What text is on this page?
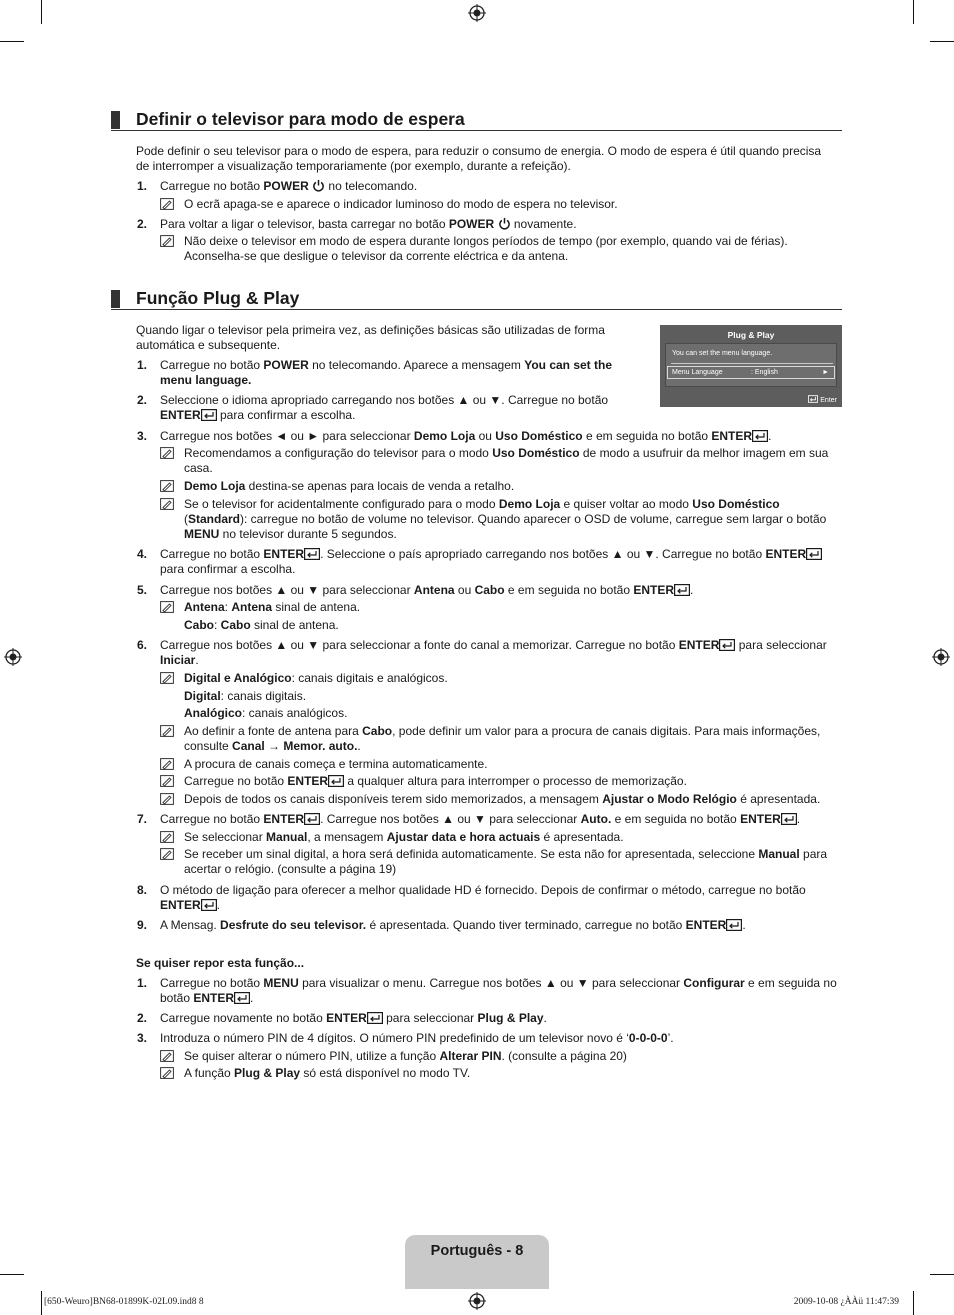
Definir o televisor para modo de espera
Pode definir o seu televisor para o modo de espera, para reduzir o consumo de energia. O modo de espera é útil quando precisa de interromper a visualização temporariamente (por exemplo, durante a refeição).
1. Carregue no botão POWER  no telecomando.
O ecrã apaga-se e aparece o indicador luminoso do modo de espera no televisor.
2. Para voltar a ligar o televisor, basta carregar no botão POWER  novamente.
Não deixe o televisor em modo de espera durante longos períodos de tempo (por exemplo, quando vai de férias). Aconselha-se que desligue o televisor da corrente eléctrica e da antena.
Função Plug & Play
Quando ligar o televisor pela primeira vez, as definições básicas são utilizadas de forma automática e subsequente.
Plug & Play
You can set the menu language.
Menu Language	: English	►
Enter
1. Carregue no botão POWER no telecomando. Aparece a mensagem You can set the menu language.
2. Seleccione o idioma apropriado carregando nos botões ▲ ou ▼. Carregue no botão ENTER para confirmar a escolha.
3. Carregue nos botões ◄ ou ► para seleccionar Demo Loja ou Uso Doméstico e em seguida no botão ENTER .
Recomendamos a configuração do televisor para o modo Uso Doméstico de modo a usufruir da melhor imagem em sua casa.
Demo Loja destina-se apenas para locais de venda a retalho.
Se o televisor for acidentalmente configurado para o modo Demo Loja e quiser voltar ao modo Uso Doméstico (Standard): carregue no botão de volume no televisor. Quando aparecer o OSD de volume, carregue sem largar o botão MENU no televisor durante 5 segundos.
4. Carregue no botão ENTER . Seleccione o país apropriado carregando nos botões ▲ ou ▼. Carregue no botão ENTER para confirmar a escolha.
5. Carregue nos botões ▲ ou ▼ para seleccionar Antena ou Cabo e em seguida no botão ENTER .
Antena: Antena sinal de antena.
Cabo: Cabo sinal de antena.
6. Carregue nos botões ▲ ou ▼ para seleccionar a fonte do canal a memorizar. Carregue no botão ENTER para seleccionar Iniciar.
Digital e Analógico: canais digitais e analógicos.
Digital: canais digitais.
Analógico: canais analógicos.
Ao definir a fonte de antena para Cabo, pode definir um valor para a procura de canais digitais. Para mais informações, consulte Canal → Memor. auto..
A procura de canais começa e termina automaticamente.
Carregue no botão ENTER a qualquer altura para interromper o processo de memorização.
Depois de todos os canais disponíveis terem sido memorizados, a mensagem Ajustar o Modo Relógio é apresentada.
7. Carregue no botão ENTER . Carregue nos botões ▲ ou ▼ para seleccionar Auto. e em seguida no botão ENTER .
Se seleccionar Manual, a mensagem Ajustar data e hora actuais é apresentada.
Se receber um sinal digital, a hora será definida automaticamente. Se esta não for apresentada, seleccione Manual para acertar o relógio. (consulte a página 19)
8. O método de ligação para oferecer a melhor qualidade HD é fornecido. Depois de confirmar o método, carregue no botão ENTER .
9. A Mensag. Desfrute do seu televisor. é apresentada. Quando tiver terminado, carregue no botão ENTER .
Se quiser repor esta função...
1. Carregue no botão MENU para visualizar o menu. Carregue nos botões ▲ ou ▼ para seleccionar Configurar e em seguida no botão ENTER .
2. Carregue novamente no botão ENTER para seleccionar Plug & Play.
3. Introduza o número PIN de 4 dígitos. O número PIN predefinido de um televisor novo é ‘0-0-0-0’.
Se quiser alterar o número PIN, utilize a função Alterar PIN. (consulte a página 20)
A função Plug & Play só está disponível no modo TV.
Português - 8
[650-Weuro]BN68-01899K-02L09.ind8 8	2009-10-08 ¿ÀÀü 11:47:39
